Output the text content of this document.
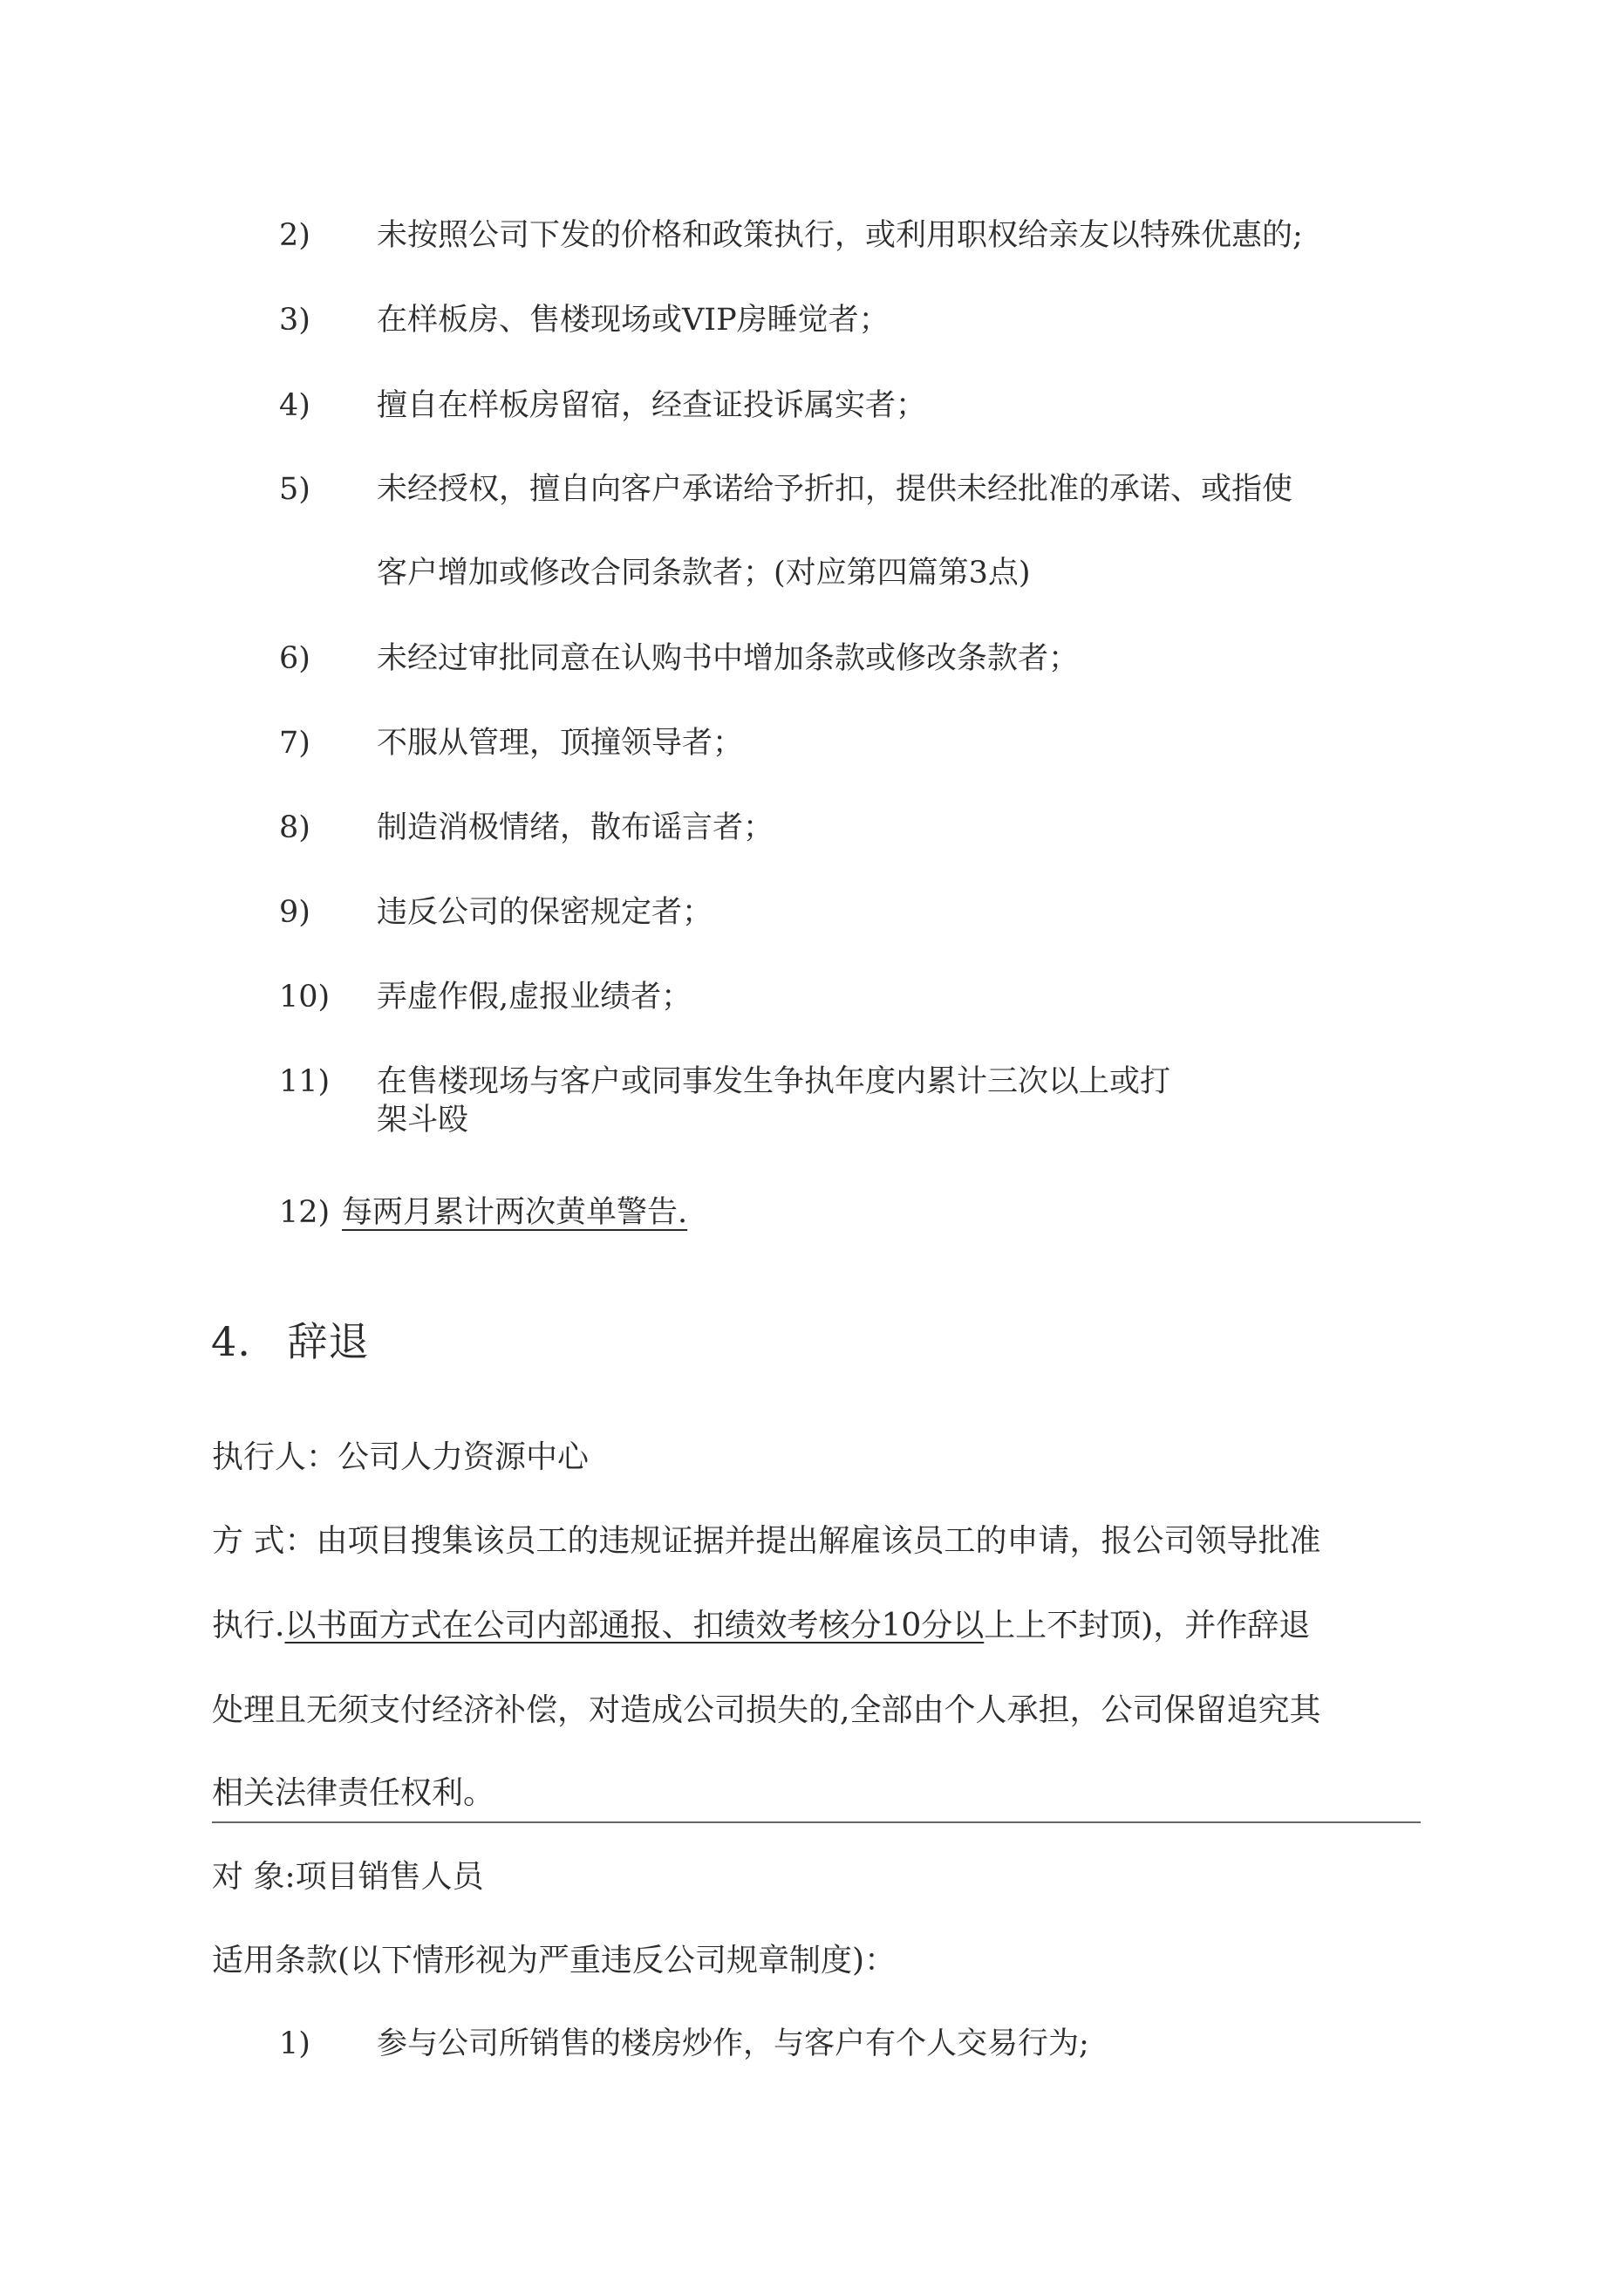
2)	未按照公司下发的价格和政策执行，或利用职权给亲友以特殊优惠的;
3)	在样板房、售楼现场或VIP房睡觉者；
4)	擅自在样板房留宿，经查证投诉属实者；
5)	未经授权，擅自向客户承诺给予折扣，提供未经批准的承诺、或指使
客户增加或修改合同条款者；(对应第四篇第3点)
6)	未经过审批同意在认购书中增加条款或修改条款者；
7)	不服从管理，顶撞领导者；
8)	制造消极情绪，散布谣言者；
9)	违反公司的保密规定者；
10)	弄虚作假,虚报业绩者；
11)	在售楼现场与客户或同事发生争执年度内累计三次以上或打
架斗殴
12) 每两月累计两次黄单警告.
4. 辞退
执行人：公司人力资源中心
方 式：由项目搜集该员工的违规证据并提出解雇该员工的申请，报公司领导批准
执行.以书面方式在公司内部通报、扣绩效考核分10分以上上不封顶)，并作辞退
处理且无须支付经济补偿，对造成公司损失的,全部由个人承担，公司保留追究其
相关法律责任权利。
对 象:项目销售人员
适用条款(以下情形视为严重违反公司规章制度)：
1)	参与公司所销售的楼房炒作，与客户有个人交易行为;
